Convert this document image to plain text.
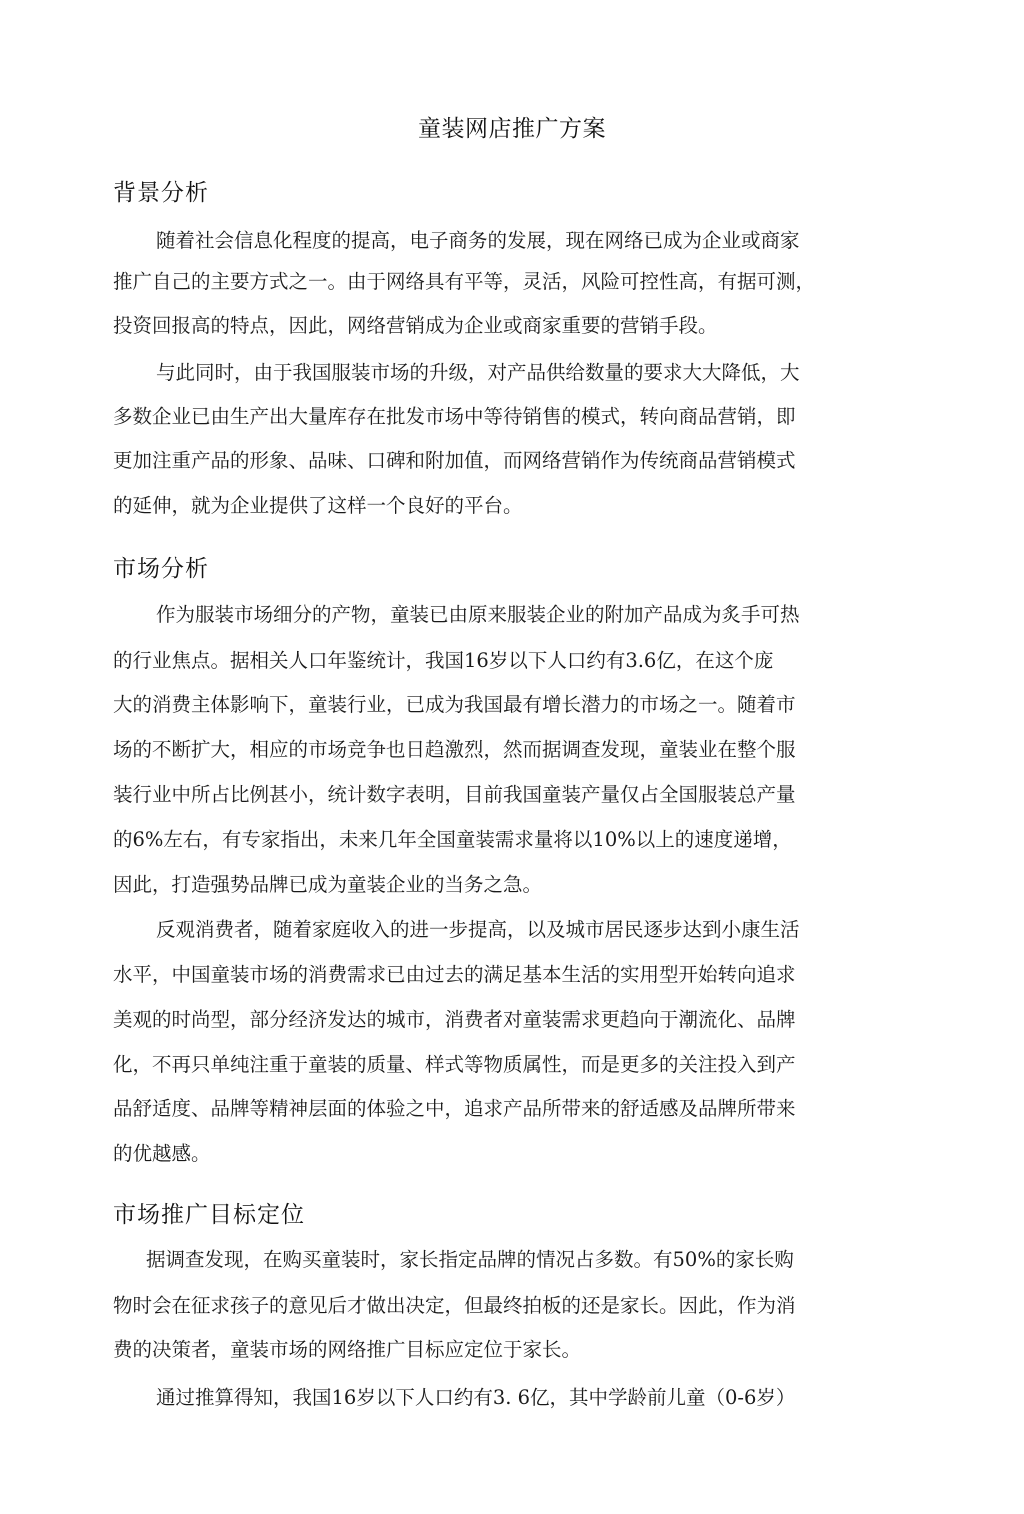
童装网店推广方案
背景分析
随着社会信息化程度的提高，电子商务的发展，现在网络已成为企业或商家
推广自己的主要方式之一。由于网络具有平等，灵活，风险可控性高，有据可测，
投资回报高的特点，因此，网络营销成为企业或商家重要的营销手段。
与此同时，由于我国服装市场的升级，对产品供给数量的要求大大降低，大
多数企业已由生产出大量库存在批发市场中等待销售的模式，转向商品营销，即
更加注重产品的形象、品味、口碑和附加值，而网络营销作为传统商品营销模式
的延伸，就为企业提供了这样一个良好的平台。
市场分析
作为服装市场细分的产物，童装已由原来服装企业的附加产品成为炙手可热
的行业焦点。据相关人口年鉴统计，我国16岁以下人口约有3.6亿，在这个庞
大的消费主体影响下，童装行业，已成为我国最有增长潜力的市场之一。随着市
场的不断扩大，相应的市场竞争也日趋激烈，然而据调查发现，童装业在整个服
装行业中所占比例甚小，统计数字表明，目前我国童装产量仅占全国服装总产量
的6%左右，有专家指出，未来几年全国童装需求量将以10%以上的速度递增，
因此，打造强势品牌已成为童装企业的当务之急。
反观消费者，随着家庭收入的进一步提高，以及城市居民逐步达到小康生活
水平，中国童装市场的消费需求已由过去的满足基本生活的实用型开始转向追求
美观的时尚型，部分经济发达的城市，消费者对童装需求更趋向于潮流化、品牌
化，不再只单纯注重于童装的质量、样式等物质属性，而是更多的关注投入到产
品舒适度、品牌等精神层面的体验之中，追求产品所带来的舒适感及品牌所带来
的优越感。
市场推广目标定位
据调查发现，在购买童装时，家长指定品牌的情况占多数。有50%的家长购
物时会在征求孩子的意见后才做出决定，但最终拍板的还是家长。因此，作为消
费的决策者，童装市场的网络推广目标应定位于家长。
通过推算得知，我国16岁以下人口约有3. 6亿，其中学龄前儿童（0-6岁）
